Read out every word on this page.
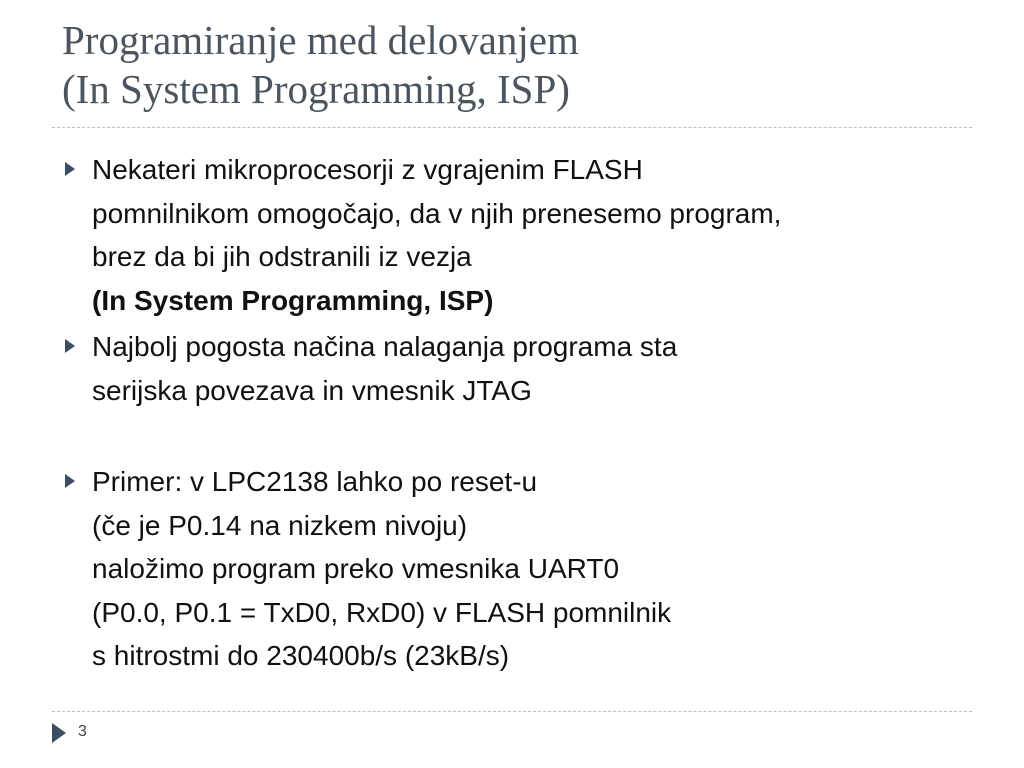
Programiranje med delovanjem
(In System Programming, ISP)
Nekateri mikroprocesorji z vgrajenim FLASH
pomnilnikom omogočajo, da v njih prenesemo program,
brez da bi jih odstranili iz vezja
(In System Programming, ISP)
Najbolj pogosta načina nalaganja programa sta
serijska povezava in vmesnik JTAG
Primer: v LPC2138 lahko po reset-u
(če je P0.14 na nizkem nivoju)
naložimo program preko vmesnika UART0
(P0.0, P0.1 = TxD0, RxD0) v FLASH pomnilnik
s hitrostmi do 230400b/s (23kB/s)
3
